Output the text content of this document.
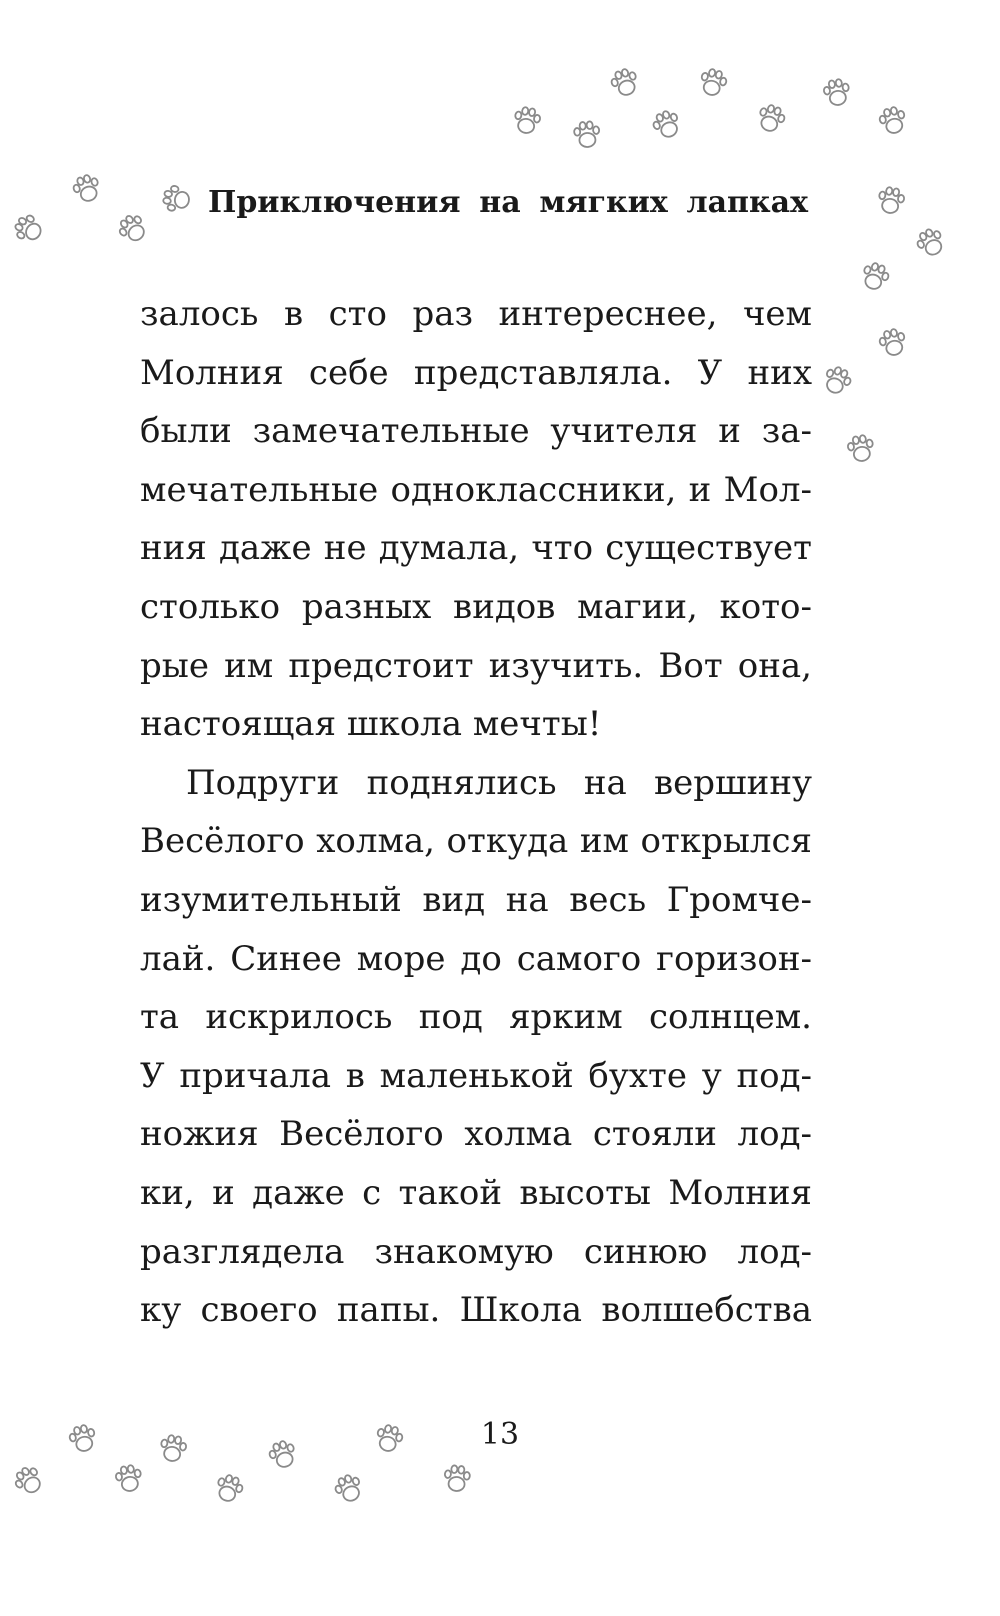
Приключения на мягких лапках
залось в сто раз интереснее, чем
Молния себе представляла. У них
были замечательные учителя и за-
мечательные одноклассники, и Мол-
ния даже не думала, что существует
столько разных видов магии, кото-
рые им предстоит изучить. Вот она,
настоящая школа мечты!
Подруги поднялись на вершину
Весёлого холма, откуда им открылся
изумительный вид на весь Громче-
лай. Синее море до самого горизон-
та искрилось под ярким солнцем.
У причала в маленькой бухте у под-
ножия Весёлого холма стояли лод-
ки, и даже с такой высоты Молния
разглядела знакомую синюю лод-
ку своего папы. Школа волшебства
13
